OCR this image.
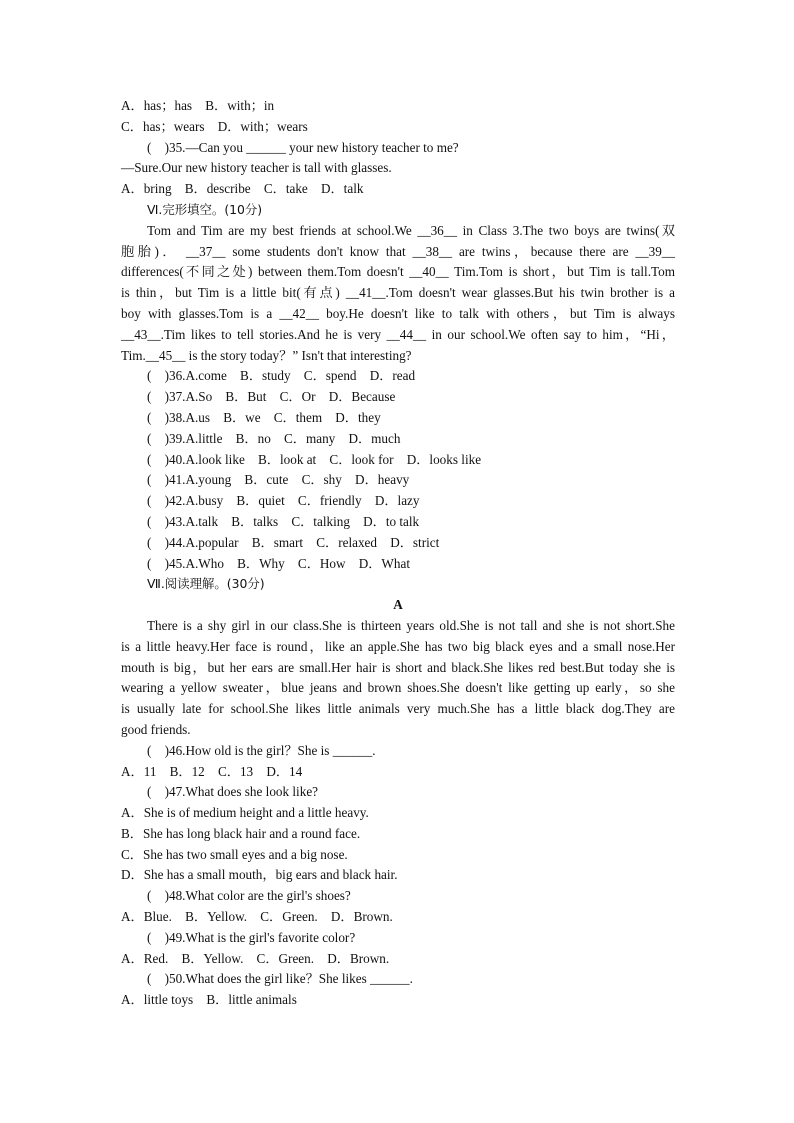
A．has；has　B．with；in
C．has；wears　D．with；wears
(　)35.—Can you ______ your new history teacher to me?
—Sure.Our new history teacher is tall with glasses.
A．bring　B．describe　C．take　D．talk
Ⅵ.完形填空。(10分)
Tom and Tim are my best friends at school.We __36__ in Class 3.The two boys are twins(双
胞胎)． __37__ some students don't know that __38__ are twins，because there are __39__
differences(不同之处) between them.Tom doesn't __40__ Tim.Tom is short，but Tim is tall.Tom
is thin，but Tim is a little bit(有点) __41__.Tom doesn't wear glasses.But his twin brother is a
boy with glasses.Tom is a __42__ boy.He doesn't like to talk with others，but Tim is always
__43__.Tim likes to tell stories.And he is very __44__ in our school.We often say to him，“Hi，
Tim.__45__ is the story today？” Isn't that interesting?
(　)36.A.come　B．study　C．spend　D．read
(　)37.A.So　B．But　C．Or　D．Because
(　)38.A.us　B．we　C．them　D．they
(　)39.A.little　B．no　C．many　D．much
(　)40.A.look like　B．look at　C．look for　D．looks like
(　)41.A.young　B．cute　C．shy　D．heavy
(　)42.A.busy　B．quiet　C．friendly　D．lazy
(　)43.A.talk　B．talks　C．talking　D．to talk
(　)44.A.popular　B．smart　C．relaxed　D．strict
(　)45.A.Who　B．Why　C．How　D．What
Ⅶ.阅读理解。(30分)
A
There is a shy girl in our class.She is thirteen years old.She is not tall and she is not short.She
is a little heavy.Her face is round，like an apple.She has two big black eyes and a small nose.Her
mouth is big，but her ears are small.Her hair is short and black.She likes red best.But today she is
wearing a yellow sweater，blue jeans and brown shoes.She doesn't like getting up early，so she
is usually late for school.She likes little animals very much.She has a little black dog.They are
good friends.
(　)46.How old is the girl？She is ______.
A．11　B．12　C．13　D．14
(　)47.What does she look like?
A．She is of medium height and a little heavy.
B．She has long black hair and a round face.
C．She has two small eyes and a big nose.
D．She has a small mouth，big ears and black hair.
(　)48.What color are the girl's shoes?
A．Blue.　B．Yellow.　C．Green.　D．Brown.
(　)49.What is the girl's favorite color?
A．Red.　B．Yellow.　C．Green.　D．Brown.
(　)50.What does the girl like？She likes ______.
A．little toys　B．little animals
